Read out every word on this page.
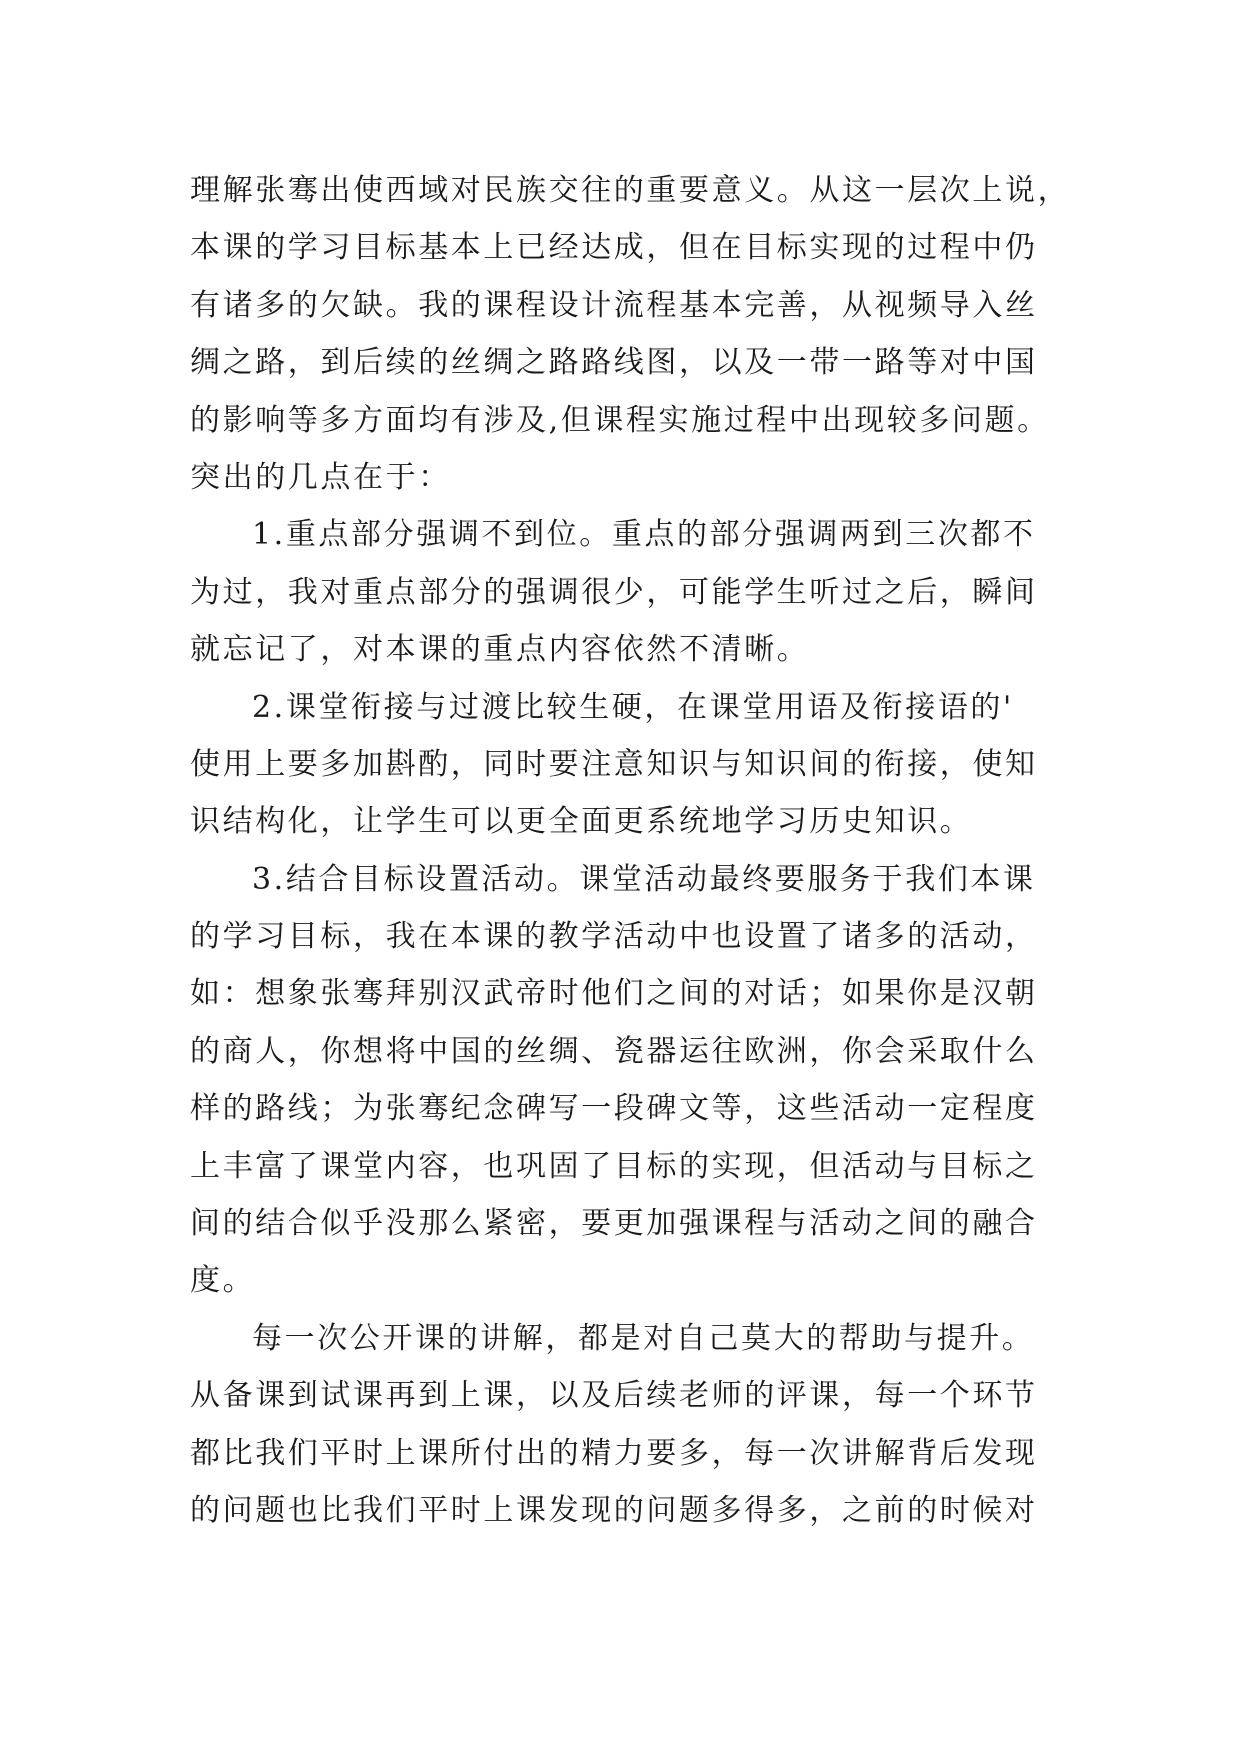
理解张骞出使西域对民族交往的重要意义。从这一层次上说，
本课的学习目标基本上已经达成，但在目标实现的过程中仍
有诸多的欠缺。我的课程设计流程基本完善，从视频导入丝
绸之路，到后续的丝绸之路路线图，以及一带一路等对中国
的影响等多方面均有涉及,但课程实施过程中出现较多问题。
突出的几点在于：
1.重点部分强调不到位。重点的部分强调两到三次都不
为过，我对重点部分的强调很少，可能学生听过之后，瞬间
就忘记了，对本课的重点内容依然不清晰。
2.课堂衔接与过渡比较生硬，在课堂用语及衔接语的'
使用上要多加斟酌，同时要注意知识与知识间的衔接，使知
识结构化，让学生可以更全面更系统地学习历史知识。
3.结合目标设置活动。课堂活动最终要服务于我们本课
的学习目标，我在本课的教学活动中也设置了诸多的活动，
如：想象张骞拜别汉武帝时他们之间的对话；如果你是汉朝
的商人，你想将中国的丝绸、瓷器运往欧洲，你会采取什么
样的路线；为张骞纪念碑写一段碑文等，这些活动一定程度
上丰富了课堂内容，也巩固了目标的实现，但活动与目标之
间的结合似乎没那么紧密，要更加强课程与活动之间的融合
度。
每一次公开课的讲解，都是对自己莫大的帮助与提升。
从备课到试课再到上课，以及后续老师的评课，每一个环节
都比我们平时上课所付出的精力要多，每一次讲解背后发现
的问题也比我们平时上课发现的问题多得多，之前的时候对
